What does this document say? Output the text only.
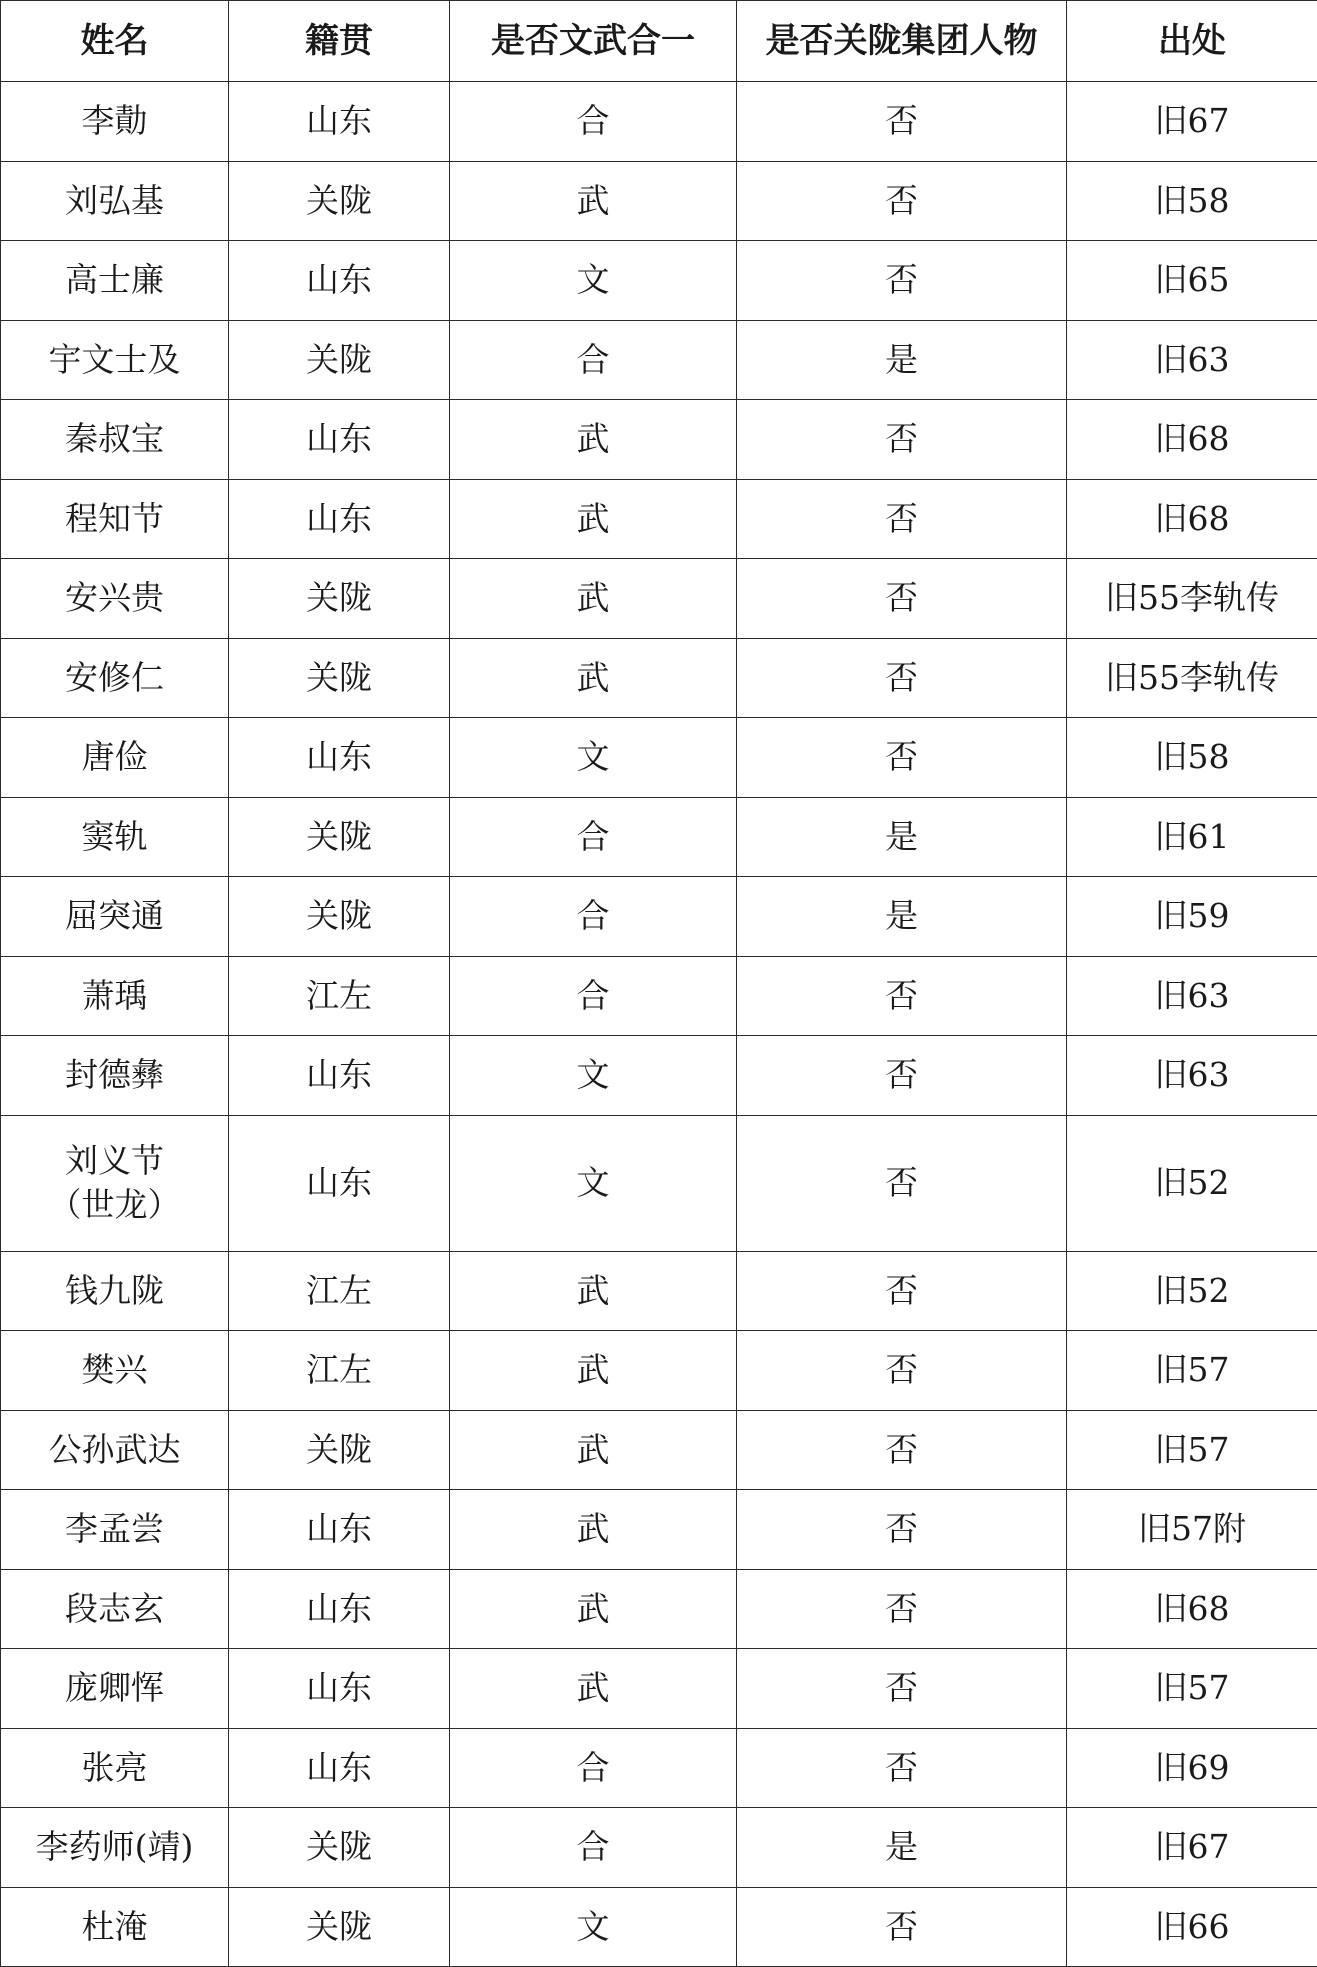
姓名	籍贯	是否文武合一	是否关陇集团人物	出处
李勣	山东	合	否	旧67
刘弘基	关陇	武	否	旧58
高士廉	山东	文	否	旧65
宇文士及	关陇	合	是	旧63
秦叔宝	山东	武	否	旧68
程知节	山东	武	否	旧68
安兴贵	关陇	武	否	旧55李轨传
安修仁	关陇	武	否	旧55李轨传
唐俭	山东	文	否	旧58
窦轨	关陇	合	是	旧61
屈突通	关陇	合	是	旧59
萧瑀	江左	合	否	旧63
封德彝	山东	文	否	旧63
刘义节
（世龙）	山东	文	否	旧52
钱九陇	江左	武	否	旧52
樊兴	江左	武	否	旧57
公孙武达	关陇	武	否	旧57
李孟尝	山东	武	否	旧57附
段志玄	山东	武	否	旧68
庞卿恽	山东	武	否	旧57
张亮	山东	合	否	旧69
李药师(靖)	关陇	合	是	旧67
杜淹	关陇	文	否	旧66
